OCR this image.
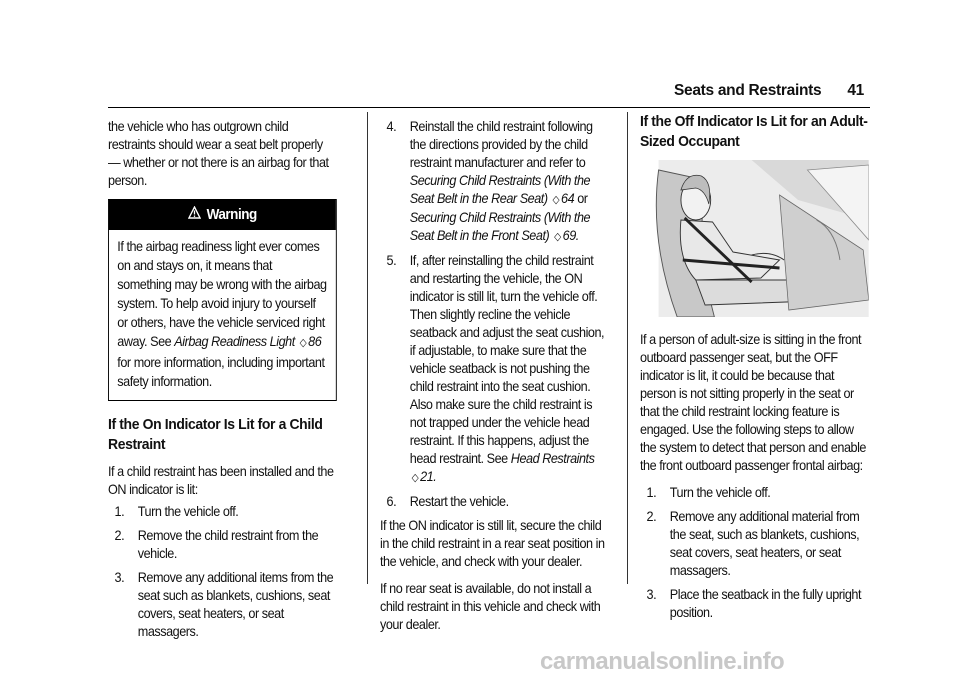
Seats and Restraints 41

the vehicle who has outgrown child restraints should wear a seat belt properly — whether or not there is an airbag for that person.

Warning
If the airbag readiness light ever comes on and stays on, it means that something may be wrong with the airbag system. To help avoid injury to yourself or others, have the vehicle serviced right away. See Airbag Readiness Light ◇ 86 for more information, including important safety information.
If the On Indicator Is Lit for a Child Restraint

If a child restraint has been installed and the ON indicator is lit:

1. Turn the vehicle off.
2. Remove the child restraint from the vehicle.
3. Remove any additional items from the seat such as blankets, cushions, seat covers, seat heaters, or seat massagers.
4. Reinstall the child restraint following the directions provided by the child restraint manufacturer and refer to Securing Child Restraints (With the Seat Belt in the Rear Seat) ◇ 64 or
Securing Child Restraints (With the Seat Belt in the Front Seat) ◇ 69.
5. If, after reinstalling the child restraint and restarting the vehicle, the ON indicator is still lit, turn the vehicle off. Then slightly recline the vehicle seatback and adjust the seat cushion, if adjustable, to make sure that the vehicle seatback is not pushing the child restraint into the seat cushion. Also make sure the child restraint is not trapped under the vehicle head restraint. If this happens, adjust the head restraint. See Head Restraints ◇ 21.
6. Restart the vehicle.

If the ON indicator is still lit, secure the child in the child restraint in a rear seat position in the vehicle, and check with your dealer.

If no rear seat is available, do not install a child restraint in this vehicle and check with your dealer.

If the Off Indicator Is Lit for an Adult-Sized Occupant

If a person of adult-size is sitting in the front outboard passenger seat, but the OFF indicator is lit, it could be because that person is not sitting properly in the seat or that the child restraint locking feature is engaged. Use the following steps to allow the system to detect that person and enable the front outboard passenger frontal airbag:

1. Turn the vehicle off.
2. Remove any additional material from the seat, such as blankets, cushions, seat covers, seat heaters, or seat massagers.
3. Place the seatback in the fully upright position.
carmanualsonline.info
